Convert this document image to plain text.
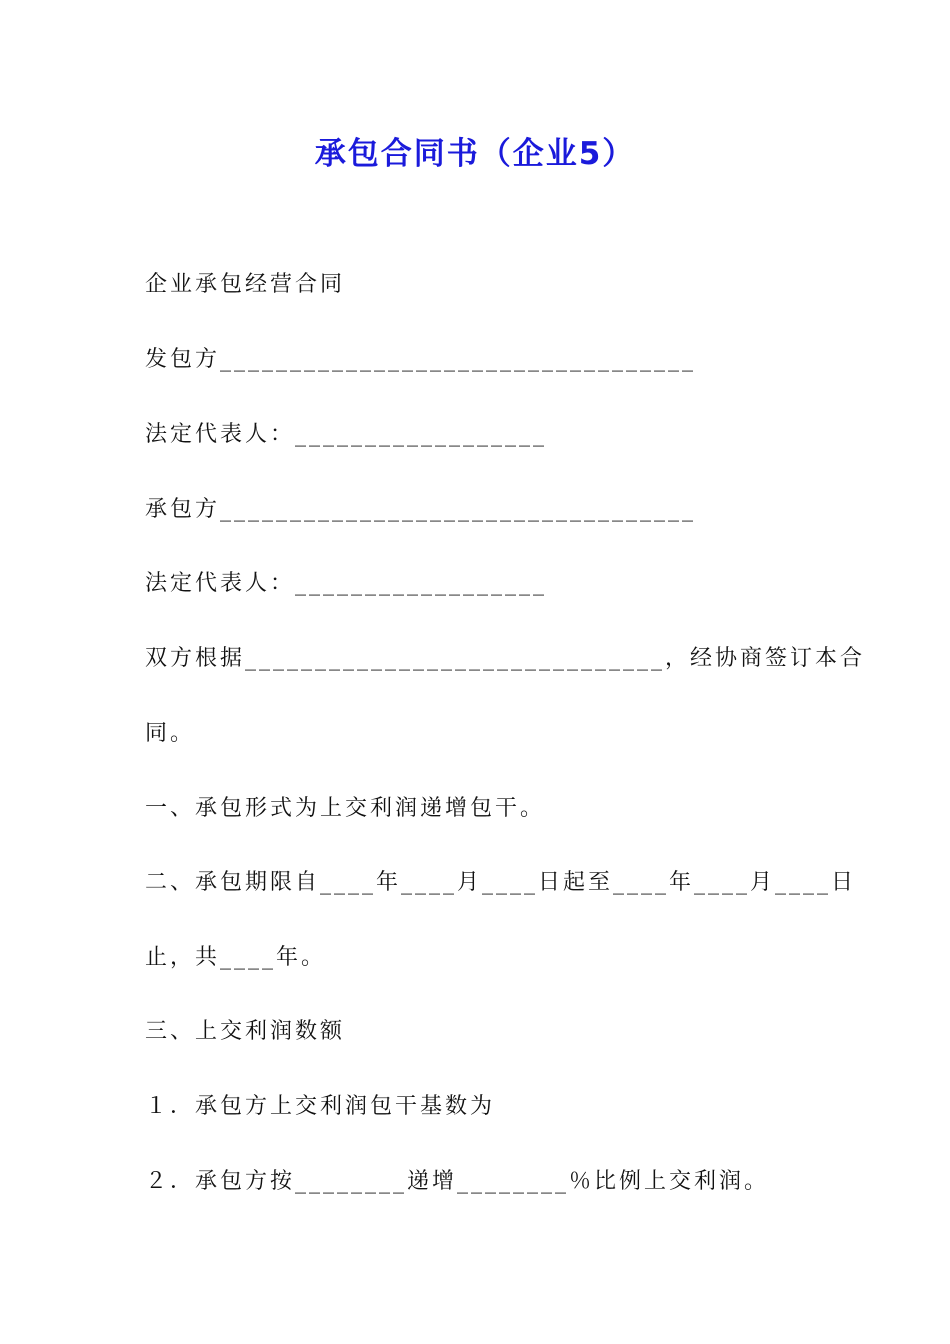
承包合同书（企业5）
企业承包经营合同
发包方__________________________________
法定代表人：__________________
承包方__________________________________
法定代表人：__________________
双方根据______________________________，经协商签订本合
同。
一、承包形式为上交利润递增包干。
二、承包期限自____年____月____日起至____年____月____日
止，共____年。
三、上交利润数额
１．承包方上交利润包干基数为
２．承包方按________递增________％比例上交利润。
